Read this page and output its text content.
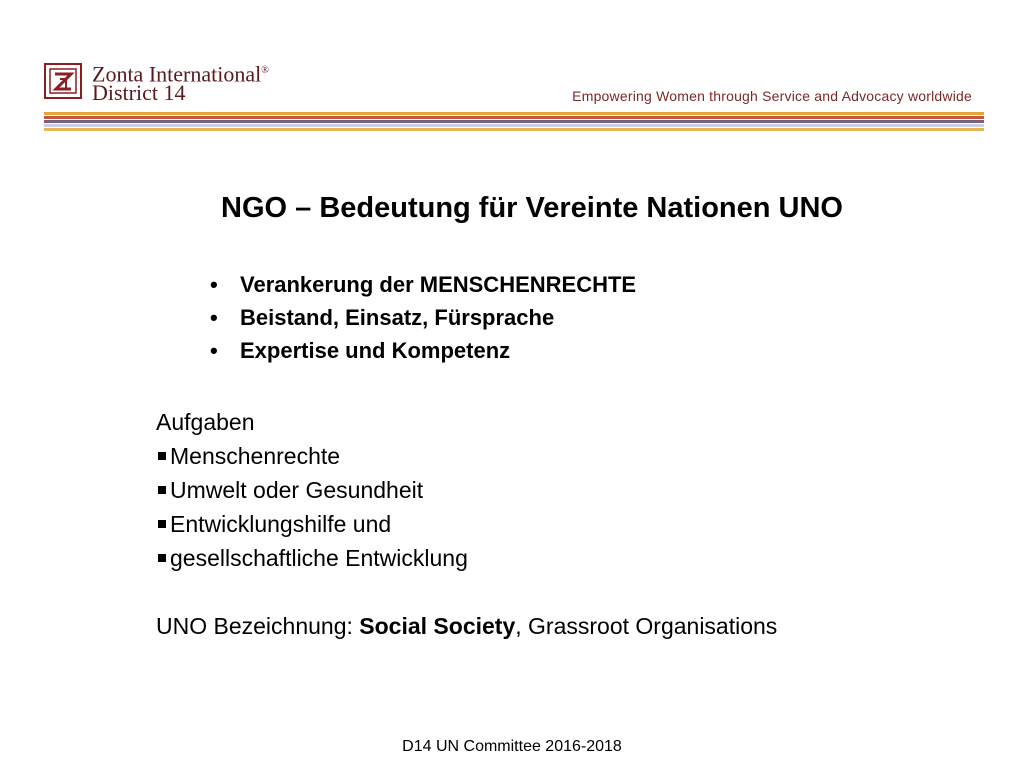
Zonta International®
District 14	Empowering Women through Service and Advocacy worldwide
NGO – Bedeutung für Vereinte Nationen UNO
• Verankerung der MENSCHENRECHTE
• Beistand, Einsatz, Fürsprache
• Expertise und Kompetenz
Aufgaben
Menschenrechte
Umwelt oder Gesundheit
Entwicklungshilfe und
gesellschaftliche Entwicklung
UNO Bezeichnung: Social Society, Grassroot Organisations
D14 UN Committee 2016-2018
